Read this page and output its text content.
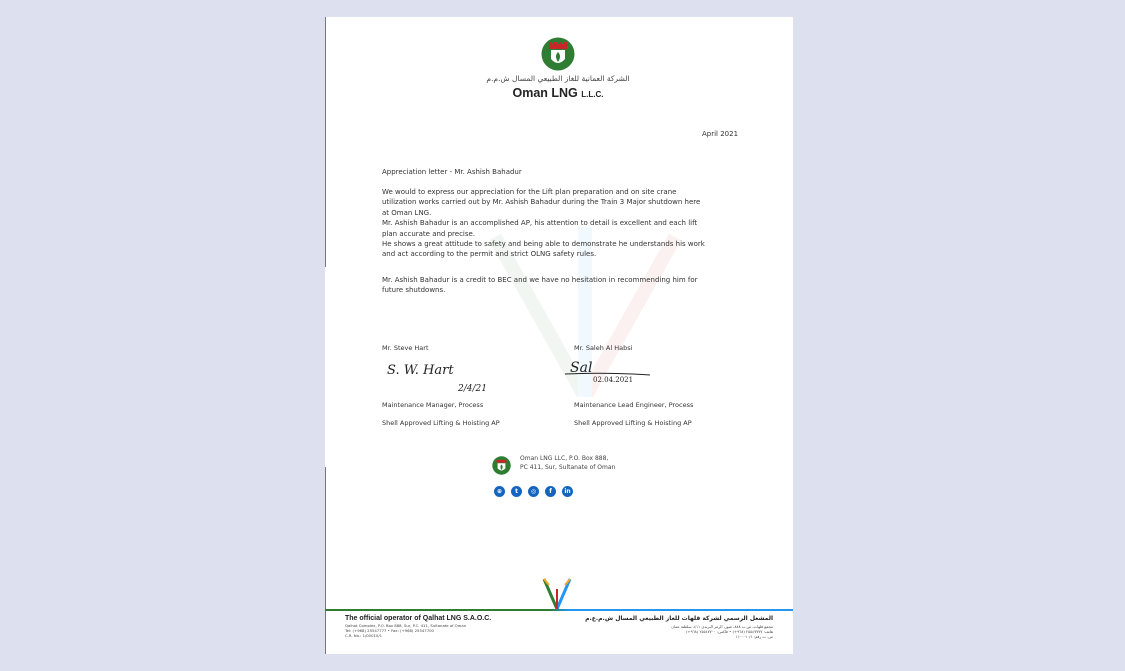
الشركة العمانية للغاز الطبيعي المسال ش.م.م
Oman LNG L.L.C.
April 2021
Appreciation letter - Mr. Ashish Bahadur
We would to express our appreciation for the Lift plan preparation and on site crane
utilization works carried out by Mr. Ashish Bahadur during the Train 3 Major shutdown here
at Oman LNG.
Mr. Ashish Bahadur is an accomplished AP, his attention to detail is excellent and each lift
plan accurate and precise.
He shows a great attitude to safety and being able to demonstrate he understands his work
and act according to the permit and strict OLNG safety rules.
Mr. Ashish Bahadur is a credit to BEC and we have no hesitation in recommending him for
future shutdowns.
Mr. Steve Hart
S. W. Hart
2/4/21
Maintenance Manager, Process
Shell Approved Lifting & Hoisting AP
Mr. Saleh Al Habsi
Sal
02.04.2021
Maintenance Lead Engineer, Process
Shell Approved Lifting & Hoisting AP
Oman LNG LLC, P.O. Box 888,
PC 411, Sur, Sultanate of Oman
⊕	t	◎	f	in
The official operator of Qalhat LNG S.A.O.C.
Qalhat Complex, P.O. Box 888, Sur, P.C. 411, Sultanate of Oman
Tel: (+968) 25547777 • Fax: (+968) 25547700
C.R. No.: 1/00010/1
المشغل الرسمي لشركة قلهات للغاز الطبيعي المسال ش.م.ع.م
مجمع قلهات، ص.ب ٨٨٨، صور، الرمز البريدي ٤١١، سلطنة عمان
هاتف: ٢٥٥٤٧٧٧٧ (٩٦٨+) • فاكس: ٢٥٥٤٧٧٠٠ (٩٦٨+)
س. ت رقم: ١/٠٠٠١٠/١
